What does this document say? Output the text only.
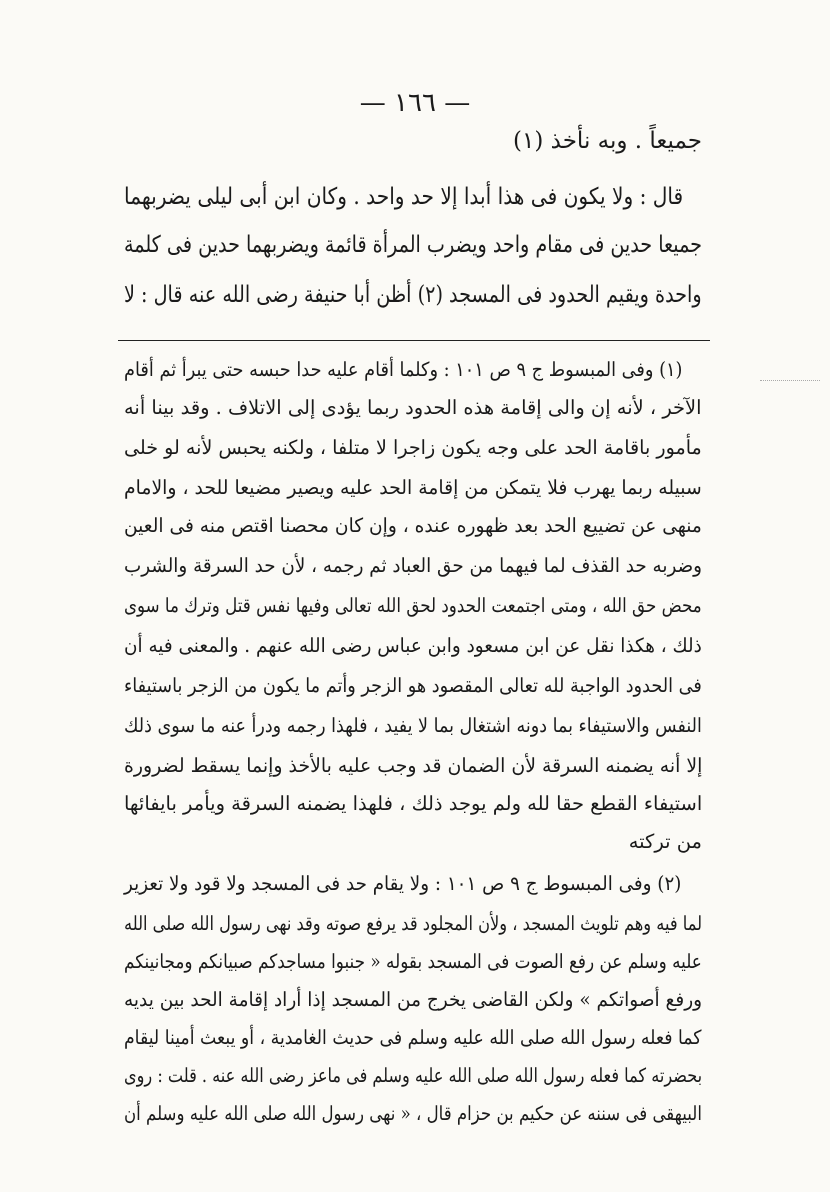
— ١٦٦ —
جميعاً . وبه نأخذ (١)
قال : ولا يكون فى هذا أبدا إلا حد واحد . وكان ابن أبى ليلى يضربهما
جميعا حدين فى مقام واحد ويضرب المرأة قائمة ويضربهما حدين فى كلمة
واحدة ويقيم الحدود فى المسجد (٢) أظن أبا حنيفة رضى الله عنه قال : لا
(١) وفى المبسوط ج ٩ ص ١٠١ : وكلما أقام عليه حدا حبسه حتى يبرأ ثم أقام
الآخر ، لأنه إن والى إقامة هذه الحدود ربما يؤدى إلى الاتلاف . وقد بينا أنه
مأمور باقامة الحد على وجه يكون زاجرا لا متلفا ، ولكنه يحبس لأنه لو خلى
سبيله ربما يهرب فلا يتمكن من إقامة الحد عليه ويصير مضيعا للحد ، والامام
منهى عن تضييع الحد بعد ظهوره عنده ، وإن كان محصنا اقتص منه فى العين
وضربه حد القذف لما فيهما من حق العباد ثم رجمه ، لأن حد السرقة والشرب
محض حق الله ، ومتى اجتمعت الحدود لحق الله تعالى وفيها نفس قتل وترك ما سوى
ذلك ، هكذا نقل عن ابن مسعود وابن عباس رضى الله عنهم . والمعنى فيه أن
فى الحدود الواجبة لله تعالى المقصود هو الزجر وأتم ما يكون من الزجر باستيفاء
النفس والاستيفاء بما دونه اشتغال بما لا يفيد ، فلهذا رجمه ودرأ عنه ما سوى ذلك
إلا أنه يضمنه السرقة لأن الضمان قد وجب عليه بالأخذ وإنما يسقط لضرورة
استيفاء القطع حقا لله ولم يوجد ذلك ، فلهذا يضمنه السرقة ويأمر بايفائها
من تركته
(٢) وفى المبسوط ج ٩ ص ١٠١ : ولا يقام حد فى المسجد ولا قود ولا تعزير
لما فيه وهم تلويث المسجد ، ولأن المجلود قد يرفع صوته وقد نهى رسول الله صلى الله
عليه وسلم عن رفع الصوت فى المسجد بقوله « جنبوا مساجدكم صبيانكم ومجانينكم
ورفع أصواتكم » ولكن القاضى يخرج من المسجد إذا أراد إقامة الحد بين يديه
كما فعله رسول الله صلى الله عليه وسلم فى حديث الغامدية ، أو يبعث أمينا ليقام
بحضرته كما فعله رسول الله صلى الله عليه وسلم فى ماعز رضى الله عنه . قلت : روى
البيهقى فى سننه عن حكيم بن حزام قال ، « نهى رسول الله صلى الله عليه وسلم أن
